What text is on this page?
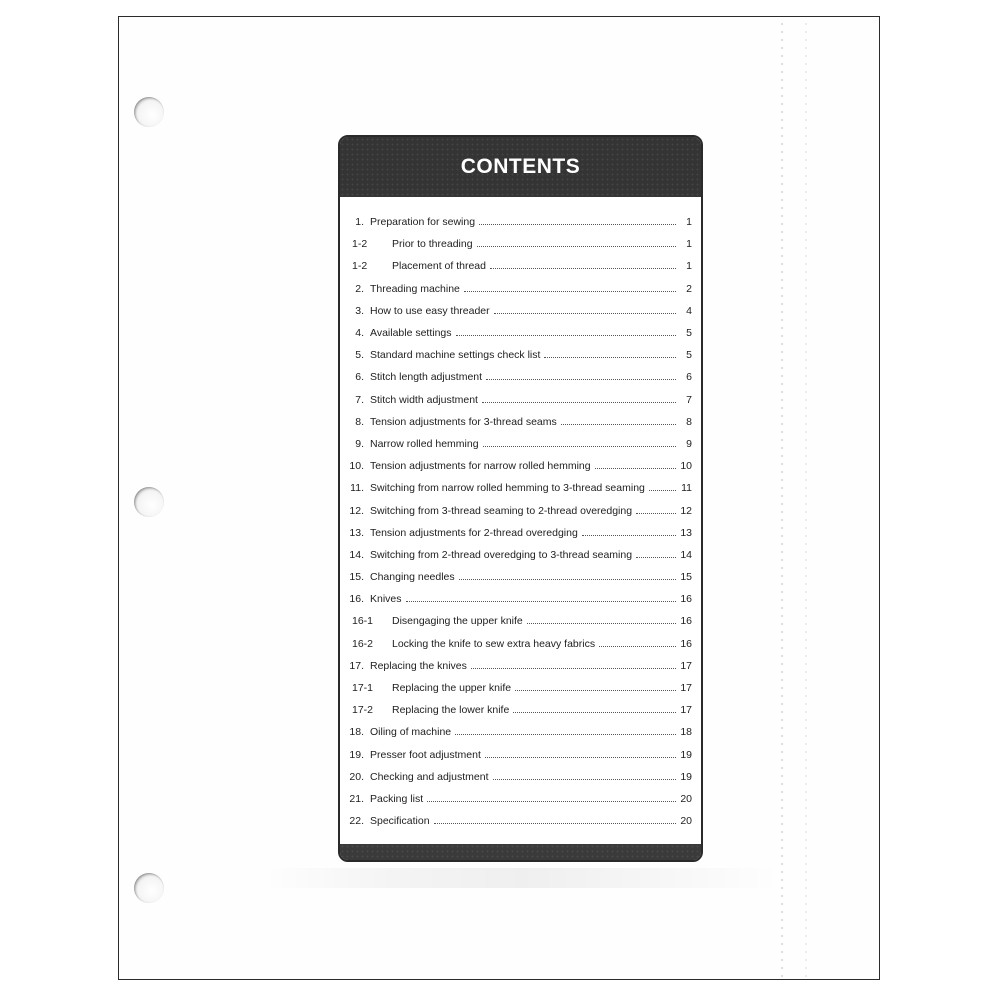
CONTENTS
1. Preparation for sewing	1
1-2	Prior to threading	1
1-2	Placement of thread	1
2. Threading machine	2
3. How to use easy threader	4
4. Available settings	5
5. Standard machine settings check list	5
6. Stitch length adjustment	6
7. Stitch width adjustment	7
8. Tension adjustments for 3-thread seams	8
9. Narrow rolled hemming	9
10. Tension adjustments for narrow rolled hemming	10
11. Switching from narrow rolled hemming to 3-thread seaming	11
12. Switching from 3-thread seaming to 2-thread overedging	12
13. Tension adjustments for 2-thread overedging	13
14. Switching from 2-thread overedging to 3-thread seaming	14
15. Changing needles	15
16. Knives	16
16-1	Disengaging the upper knife	16
16-2	Locking the knife to sew extra heavy fabrics	16
17. Replacing the knives	17
17-1	Replacing the upper knife	17
17-2	Replacing the lower knife	17
18. Oiling of machine	18
19. Presser foot adjustment	19
20. Checking and adjustment	19
21. Packing list	20
22. Specification	20
